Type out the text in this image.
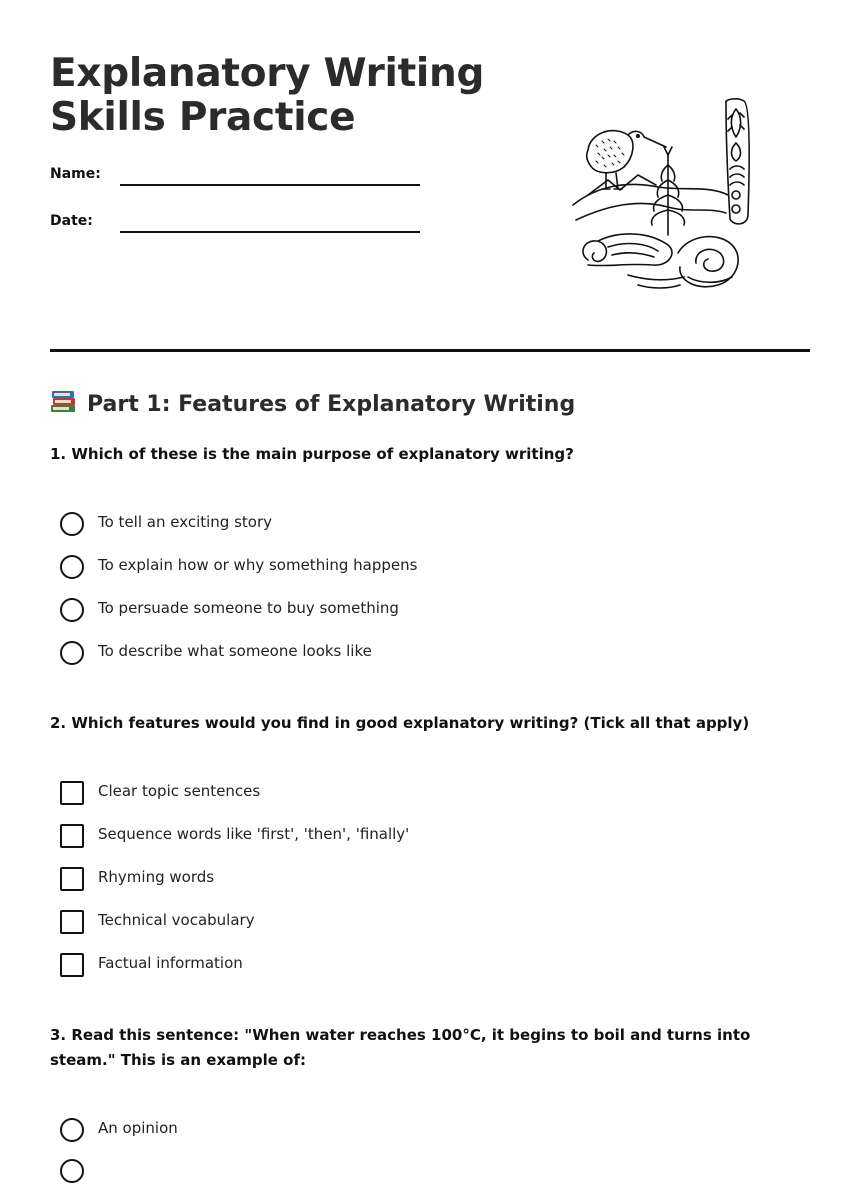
Explanatory Writing
Skills Practice
Name:
Date:
Part 1: Features of Explanatory Writing

1. Which of these is the main purpose of explanatory writing?

To tell an exciting story
To explain how or why something happens
To persuade someone to buy something
To describe what someone looks like

2. Which features would you find in good explanatory writing? (Tick all that apply)

Clear topic sentences
Sequence words like 'first', 'then', 'finally'
Rhyming words
Technical vocabulary
Factual information

3. Read this sentence: "When water reaches 100°C, it begins to boil and turns into steam." This is an example of:

An opinion
